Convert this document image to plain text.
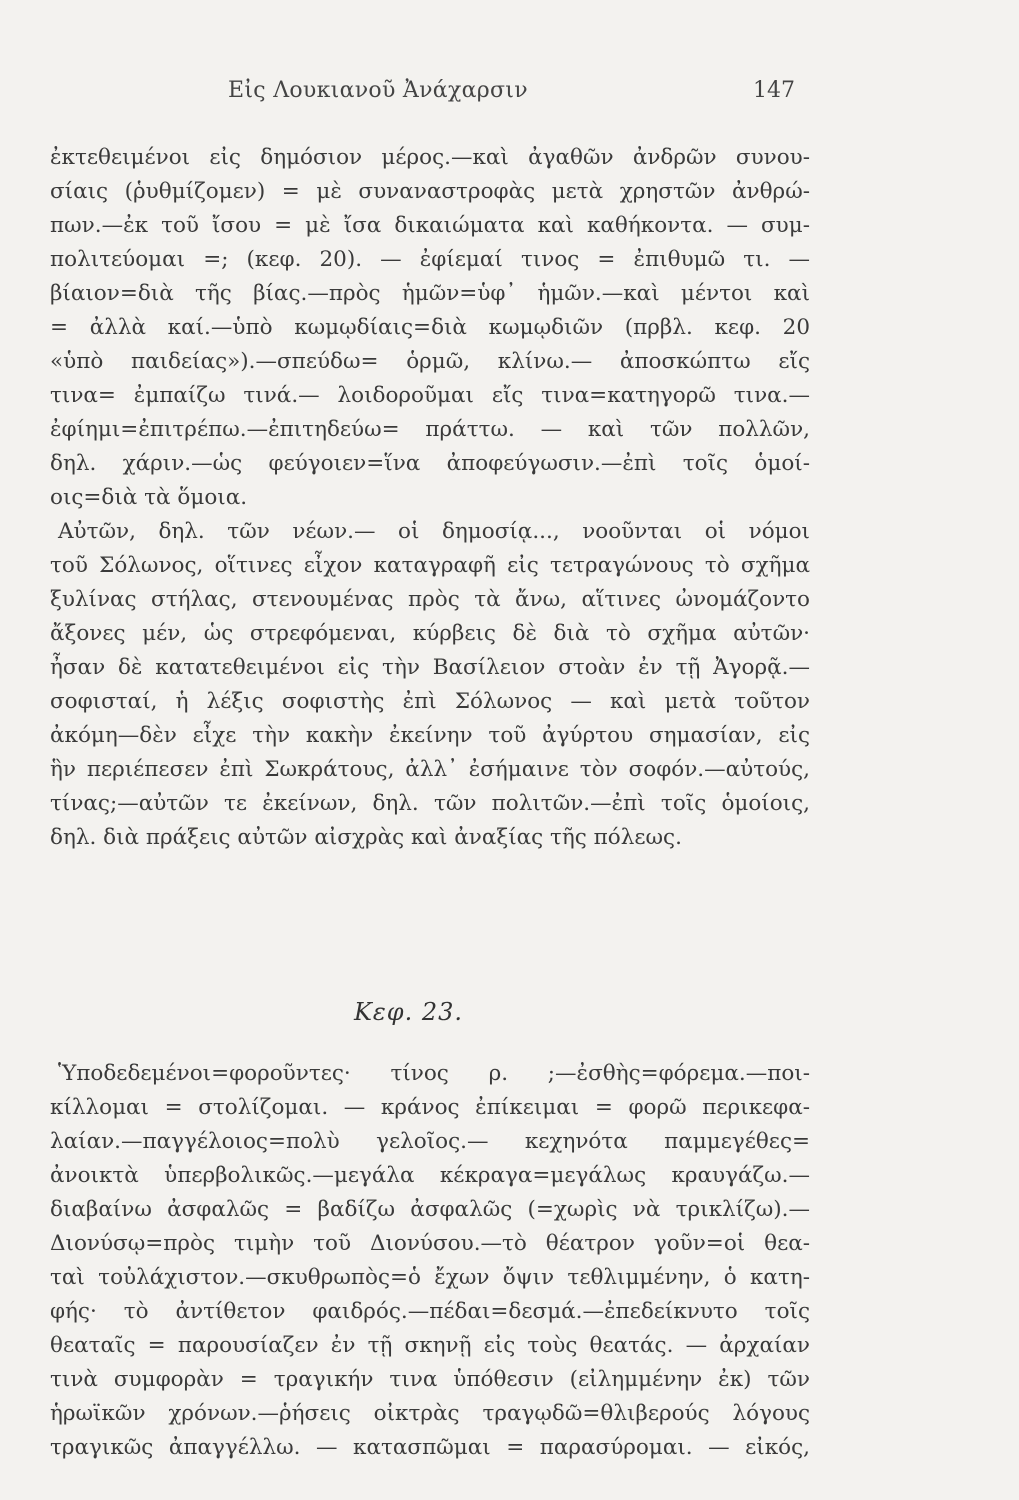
Εἰς Λουκιανοῦ Ἀνάχαρσιν	147
ἐκτεθειμένοι εἰς δημόσιον μέρος.—καὶ ἀγαθῶν ἀνδρῶν συνου-
σίαις (ῥυθμίζομεν) = μὲ συναναστροφὰς μετὰ χρηστῶν ἀνθρώ-
πων.—ἐκ τοῦ ἴσου = μὲ ἴσα δικαιώματα καὶ καθήκοντα. — συμ-
πολιτεύομαι =; (κεφ. 20). — ἐφίεμαί τινος = ἐπιθυμῶ τι. —
βίαιον=διὰ τῆς βίας.—πρὸς ἡμῶν=ὑφ᾽ ἡμῶν.—καὶ μέντοι καὶ
= ἀλλὰ καί.—ὑπὸ κωμῳδίαις=διὰ κωμῳδιῶν (πρβλ. κεφ. 20
«ὑπὸ παιδείας»).—σπεύδω= ὁρμῶ, κλίνω.— ἀποσκώπτω εἴς
τινα= ἐμπαίζω τινά.— λοιδοροῦμαι εἴς τινα=κατηγορῶ τινα.—
ἐφίημι=ἐπιτρέπω.—ἐπιτηδεύω= πράττω. — καὶ τῶν πολλῶν,
δηλ. χάριν.—ὡς φεύγοιεν=ἵνα ἀποφεύγωσιν.—ἐπὶ τοῖς ὁμοί-
οις=διὰ τὰ ὅμοια.
Αὐτῶν, δηλ. τῶν νέων.— οἱ δημοσίᾳ..., νοοῦνται οἱ νόμοι
τοῦ Σόλωνος, οἵτινες εἶχον καταγραφῆ εἰς τετραγώνους τὸ σχῆμα
ξυλίνας στήλας, στενουμένας πρὸς τὰ ἄνω, αἵτινες ὠνομάζοντο
ἄξονες μέν, ὡς στρεφόμεναι, κύρβεις δὲ διὰ τὸ σχῆμα αὐτῶν·
ἦσαν δὲ κατατεθειμένοι εἰς τὴν Βασίλειον στοὰν ἐν τῇ Ἀγορᾷ.—
σοφισταί, ἡ λέξις σοφιστὴς ἐπὶ Σόλωνος — καὶ μετὰ τοῦτον
ἀκόμη—δὲν εἶχε τὴν κακὴν ἐκείνην τοῦ ἀγύρτου σημασίαν, εἰς
ἣν περιέπεσεν ἐπὶ Σωκράτους, ἀλλ᾽ ἐσήμαινε τὸν σοφόν.—αὐτούς,
τίνας;—αὐτῶν τε ἐκείνων, δηλ. τῶν πολιτῶν.—ἐπὶ τοῖς ὁμοίοις,
δηλ. διὰ πράξεις αὐτῶν αἰσχρὰς καὶ ἀναξίας τῆς πόλεως.
Κεφ. 23.
Ὑποδεδεμένοι=φοροῦντες· τίνος ρ. ;—ἐσθὴς=φόρεμα.—ποι-
κίλλομαι = στολίζομαι. — κράνος ἐπίκειμαι = φορῶ περικεφα-
λαίαν.—παγγέλοιος=πολὺ γελοῖος.— κεχηνότα παμμεγέθες=
ἀνοικτὰ ὑπερβολικῶς.—μεγάλα κέκραγα=μεγάλως κραυγάζω.—
διαβαίνω ἀσφαλῶς = βαδίζω ἀσφαλῶς (=χωρὶς νὰ τρικλίζω).—
Διονύσῳ=πρὸς τιμὴν τοῦ Διονύσου.—τὸ θέατρον γοῦν=οἱ θεα-
ταὶ τοὐλάχιστον.—σκυθρωπὸς=ὁ ἔχων ὄψιν τεθλιμμένην, ὁ κατη-
φής· τὸ ἀντίθετον φαιδρός.—πέδαι=δεσμά.—ἐπεδείκνυτο τοῖς
θεαταῖς = παρουσίαζεν ἐν τῇ σκηνῇ εἰς τοὺς θεατάς. — ἀρχαίαν
τινὰ συμφορὰν = τραγικήν τινα ὑπόθεσιν (εἰλημμένην ἐκ) τῶν
ἡρωϊκῶν χρόνων.—ῥήσεις οἰκτρὰς τραγῳδῶ=θλιβερούς λόγους
τραγικῶς ἀπαγγέλλω. — κατασπῶμαι = παρασύρομαι. — εἰκός,
